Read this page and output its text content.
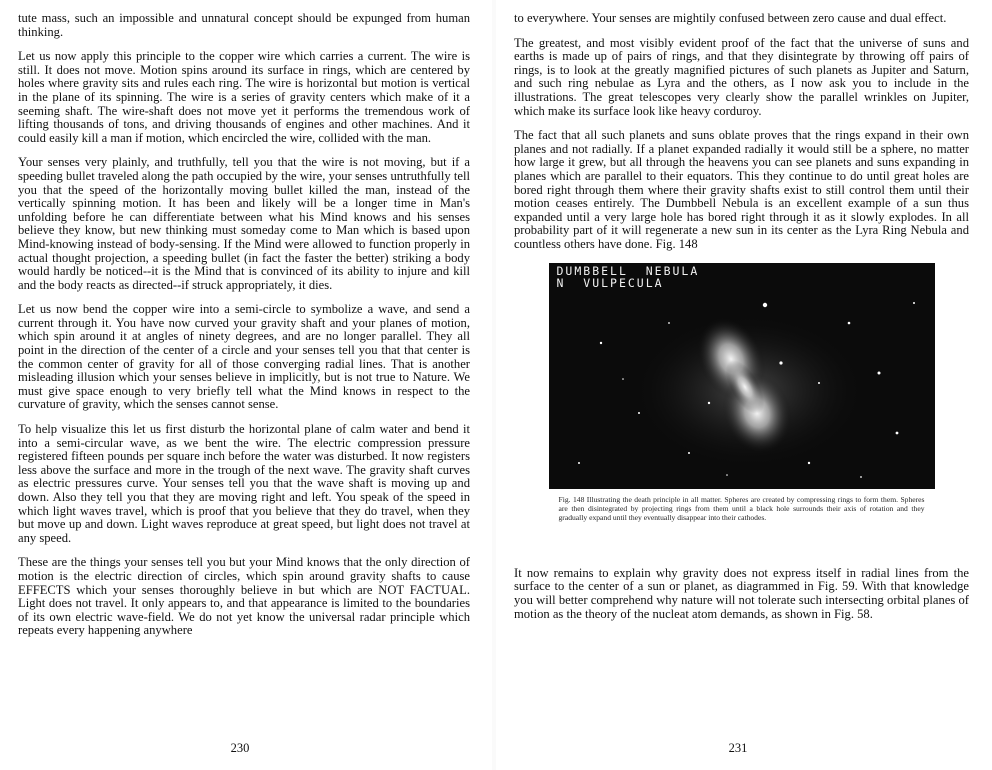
tute mass, such an impossible and unnatural concept should be expunged from human thinking.

Let us now apply this principle to the copper wire which carries a current. The wire is still. It does not move. Motion spins around its surface in rings, which are centered by holes where gravity sits and rules each ring. The wire is horizontal but motion is vertical in the plane of its spinning. The wire is a series of gravity centers which make of it a seeming shaft. The wire-shaft does not move yet it performs the tremendous work of lifting thousands of tons, and driving thousands of engines and other machines. And it could easily kill a man if motion, which encircled the wire, collided with the man.

Your senses very plainly, and truthfully, tell you that the wire is not moving, but if a speeding bullet traveled along the path occupied by the wire, your senses untruthfully tell you that the speed of the horizontally moving bullet killed the man, instead of the vertically spinning motion. It has been and likely will be a longer time in Man's unfolding before he can differentiate between what his Mind knows and his senses believe they know, but new thinking must someday come to Man which is based upon Mind-knowing instead of body-sensing. If the Mind were allowed to function properly in actual thought projection, a speeding bullet (in fact the faster the better) striking a body would hardly be noticed--it is the Mind that is convinced of its ability to injure and kill and the body reacts as directed--if struck appropriately, it dies.

Let us now bend the copper wire into a semi-circle to symbolize a wave, and send a current through it. You have now curved your gravity shaft and your planes of motion, which spin around it at angles of ninety degrees, and are no longer parallel. They all point in the direction of the center of a circle and your senses tell you that that center is the common center of gravity for all of those converging radial lines. That is another misleading illusion which your senses believe in implicitly, but is not true to Nature. We must give space enough to very briefly tell what the Mind knows in respect to the curvature of gravity, which the senses cannot sense.

To help visualize this let us first disturb the horizontal plane of calm water and bend it into a semi-circular wave, as we bent the wire. The electric compression pressure registered fifteen pounds per square inch before the water was disturbed. It now registers less above the surface and more in the trough of the next wave. The gravity shaft curves as electric pressures curve. Your senses tell you that the wave shaft is moving up and down. Also they tell you that they are moving right and left. You speak of the speed in which light waves travel, which is proof that you believe that they do travel, when they but move up and down. Light waves reproduce at great speed, but light does not travel at any speed.

These are the things your senses tell you but your Mind knows that the only direction of motion is the electric direction of circles, which spin around gravity shafts to cause EFFECTS which your senses thoroughly believe in but which are NOT FACTUAL. Light does not travel. It only appears to, and that appearance is limited to the boundaries of its own electric wave-field. We do not yet know the universal radar principle which repeats every happening anywhere

230

to everywhere. Your senses are mightily confused between zero cause and dual effect.

The greatest, and most visibly evident proof of the fact that the universe of suns and earths is made up of pairs of rings, and that they disintegrate by throwing off pairs of rings, is to look at the greatly magnified pictures of such planets as Jupiter and Saturn, and such ring nebulae as Lyra and the others, as I now ask you to include in the illustrations. The great telescopes very clearly show the parallel wrinkles on Jupiter, which make its surface look like heavy corduroy.

The fact that all such planets and suns oblate proves that the rings expand in their own planes and not radially. If a planet expanded radially it would still be a sphere, no matter how large it grew, but all through the heavens you can see planets and suns expanding in planes which are parallel to their equators. This they continue to do until great holes are bored right through them where their gravity shafts exist to still control them until their motion ceases entirely. The Dumbbell Nebula is an excellent example of a sun thus expanded until a very large hole has bored right through it as it slowly explodes. In all probability part of it will regenerate a new sun in its center as the Lyra Ring Nebula and countless others have done. Fig. 148

DUMBBELL  NEBULA
N  VULPECULA
Fig. 148 Illustrating the death principle in all matter. Spheres are created by compressing rings to form them. Spheres are then disintegrated by projecting rings from them until a black hole surrounds their axis of rotation and they gradually expand until they eventually disappear into their cathodes.

It now remains to explain why gravity does not express itself in radial lines from the surface to the center of a sun or planet, as diagrammed in Fig. 59. With that knowledge you will better comprehend why nature will not tolerate such intersecting orbital planes of motion as the theory of the nucleat atom demands, as shown in Fig. 58.

231
